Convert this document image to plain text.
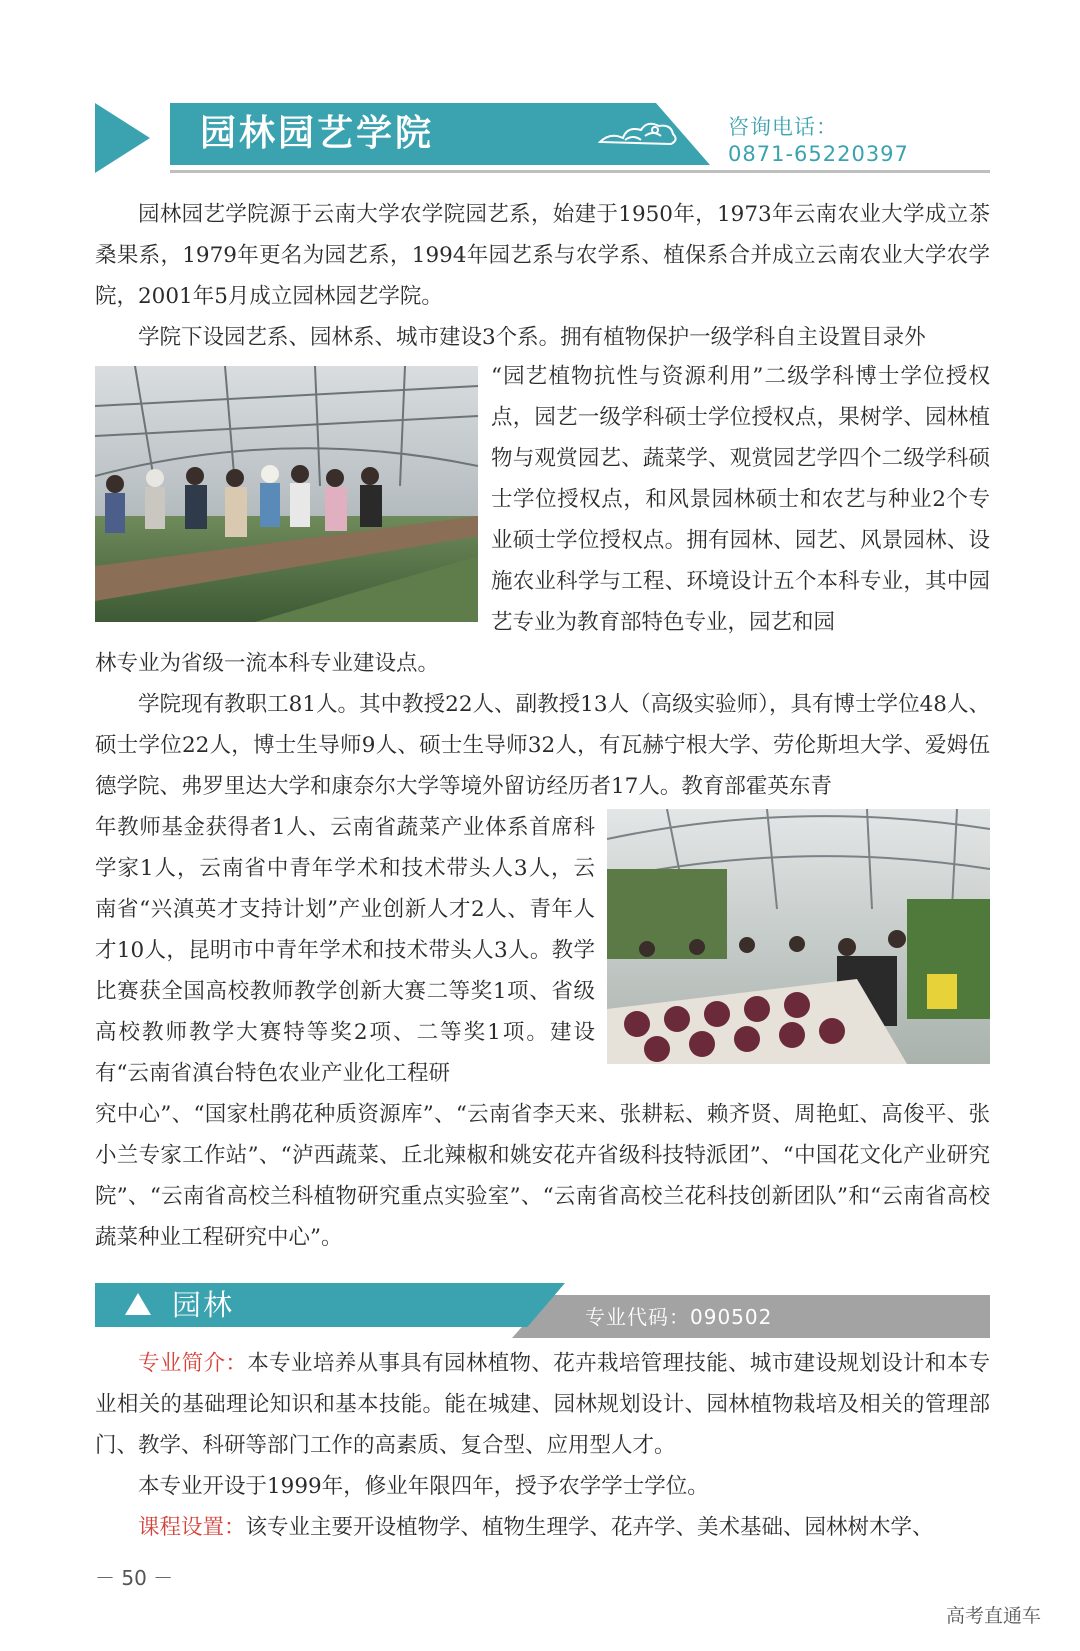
园林园艺学院	咨询电话：
0871-65220397
园林园艺学院源于云南大学农学院园艺系，始建于1950年，1973年云南农业大学成立茶桑果系，1979年更名为园艺系，1994年园艺系与农学系、植保系合并成立云南农业大学农学院，2001年5月成立园林园艺学院。
学院下设园艺系、园林系、城市建设3个系。拥有植物保护一级学科自主设置目录外
“园艺植物抗性与资源利用”二级学科博士学位授权点，园艺一级学科硕士学位授权点，果树学、园林植物与观赏园艺、蔬菜学、观赏园艺学四个二级学科硕士学位授权点，和风景园林硕士和农艺与种业2个专业硕士学位授权点。拥有园林、园艺、风景园林、设施农业科学与工程、环境设计五个本科专业，其中园艺专业为教育部特色专业，园艺和园
林专业为省级一流本科专业建设点。
学院现有教职工81人。其中教授22人、副教授13人（高级实验师），具有博士学位48人、硕士学位22人，博士生导师9人、硕士生导师32人，有瓦赫宁根大学、劳伦斯坦大学、爱姆伍德学院、弗罗里达大学和康奈尔大学等境外留访经历者17人。教育部霍英东青
年教师基金获得者1人、云南省蔬菜产业体系首席科学家1人，云南省中青年学术和技术带头人3人，云南省“兴滇英才支持计划”产业创新人才2人、青年人才10人，昆明市中青年学术和技术带头人3人。教学比赛获全国高校教师教学创新大赛二等奖1项、省级高校教师教学大赛特等奖2项、二等奖1项。建设有“云南省滇台特色农业产业化工程研
究中心”、“国家杜鹃花种质资源库”、“云南省李天来、张耕耘、赖齐贤、周艳虹、高俊平、张小兰专家工作站”、“泸西蔬菜、丘北辣椒和姚安花卉省级科技特派团”、“中国花文化产业研究院”、“云南省高校兰科植物研究重点实验室”、“云南省高校兰花科技创新团队”和“云南省高校蔬菜种业工程研究中心”。
园林	专业代码：090502
专业简介：本专业培养从事具有园林植物、花卉栽培管理技能、城市建设规划设计和本专业相关的基础理论知识和基本技能。能在城建、园林规划设计、园林植物栽培及相关的管理部门、教学、科研等部门工作的高素质、复合型、应用型人才。
本专业开设于1999年，修业年限四年，授予农学学士学位。
课程设置：该专业主要开设植物学、植物生理学、花卉学、美术基础、园林树木学、
－ 50 －
高考直通车
